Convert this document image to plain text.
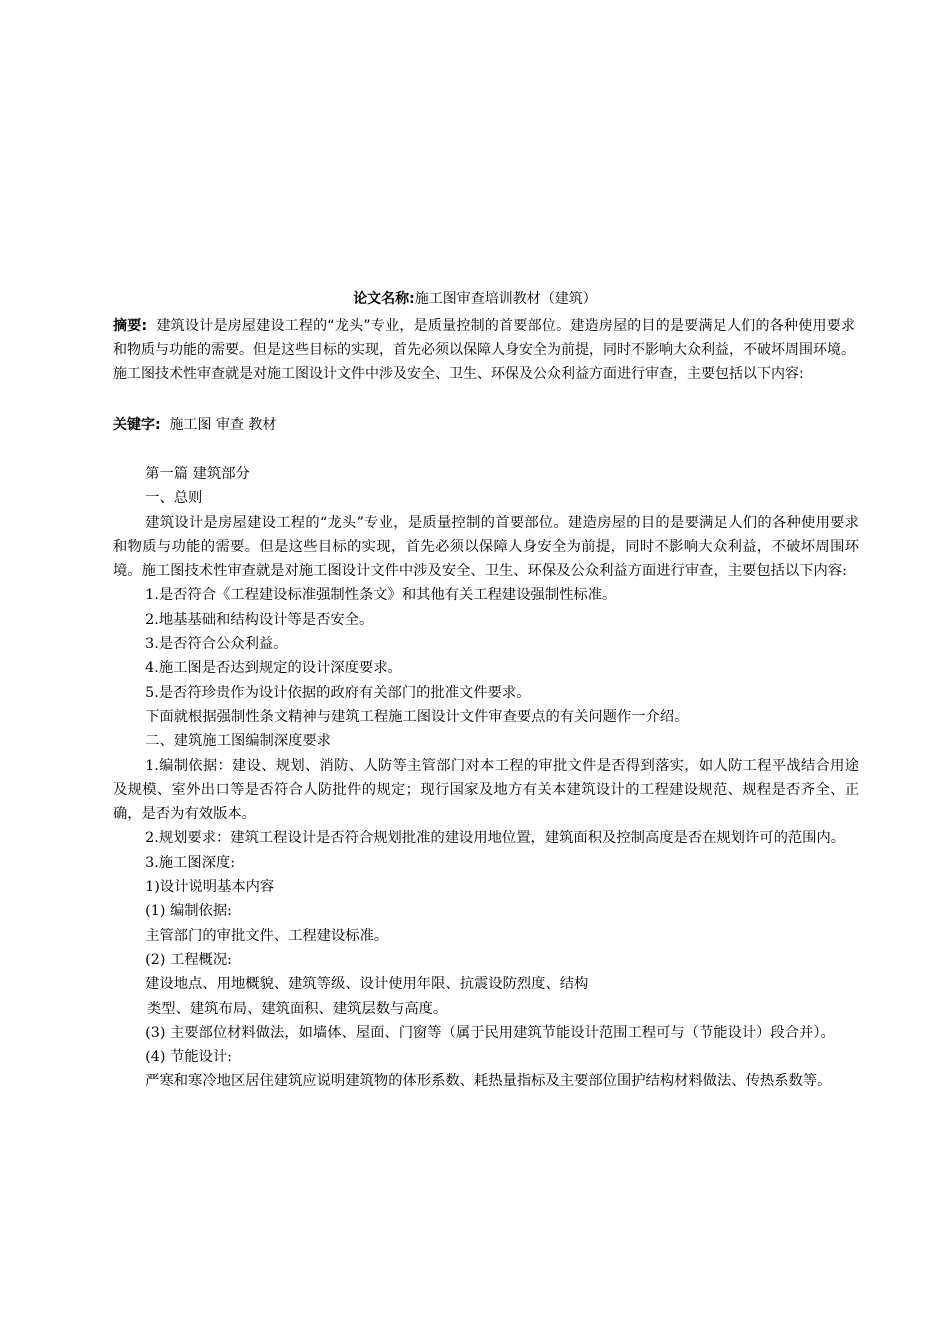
论文名称:施工图审查培训教材（建筑）
摘要: 建筑设计是房屋建设工程的“龙头”专业，是质量控制的首要部位。建造房屋的目的是要满足人们的各种使用要求和物质与功能的需要。但是这些目标的实现，首先必须以保障人身安全为前提，同时不影响大众利益，不破坏周围环境。施工图技术性审查就是对施工图设计文件中涉及安全、卫生、环保及公众利益方面进行审查，主要包括以下内容:
关键字: 施工图 审查 教材

第一篇 建筑部分

一、总则

建筑设计是房屋建设工程的“龙头”专业，是质量控制的首要部位。建造房屋的目的是要满足人们的各种使用要求和物质与功能的需要。但是这些目标的实现，首先必须以保障人身安全为前提，同时不影响大众利益，不破坏周围环境。施工图技术性审查就是对施工图设计文件中涉及安全、卫生、环保及公众利益方面进行审查，主要包括以下内容:

1.是否符合《工程建设标准强制性条文》和其他有关工程建设强制性标准。

2.地基基础和结构设计等是否安全。

3.是否符合公众利益。

4.施工图是否达到规定的设计深度要求。

5.是否符珍贵作为设计依据的政府有关部门的批准文件要求。

下面就根据强制性条文精神与建筑工程施工图设计文件审查要点的有关问题作一介绍。

二、建筑施工图编制深度要求

1.编制依据：建设、规划、消防、人防等主管部门对本工程的审批文件是否得到落实，如人防工程平战结合用途及规模、室外出口等是否符合人防批件的规定；现行国家及地方有关本建筑设计的工程建设规范、规程是否齐全、正确，是否为有效版本。

2.规划要求：建筑工程设计是否符合规划批准的建设用地位置，建筑面积及控制高度是否在规划许可的范围内。

3.施工图深度:

1)设计说明基本内容

(1) 编制依据:

主管部门的审批文件、工程建设标准。

(2) 工程概况:

建设地点、用地概貌、建筑等级、设计使用年限、抗震设防烈度、结构

类型、建筑布局、建筑面积、建筑层数与高度。

(3) 主要部位材料做法，如墙体、屋面、门窗等（属于民用建筑节能设计范围工程可与（节能设计）段合并）。

(4) 节能设计:

严寒和寒冷地区居住建筑应说明建筑物的体形系数、耗热量指标及主要部位围护结构材料做法、传热系数等。
